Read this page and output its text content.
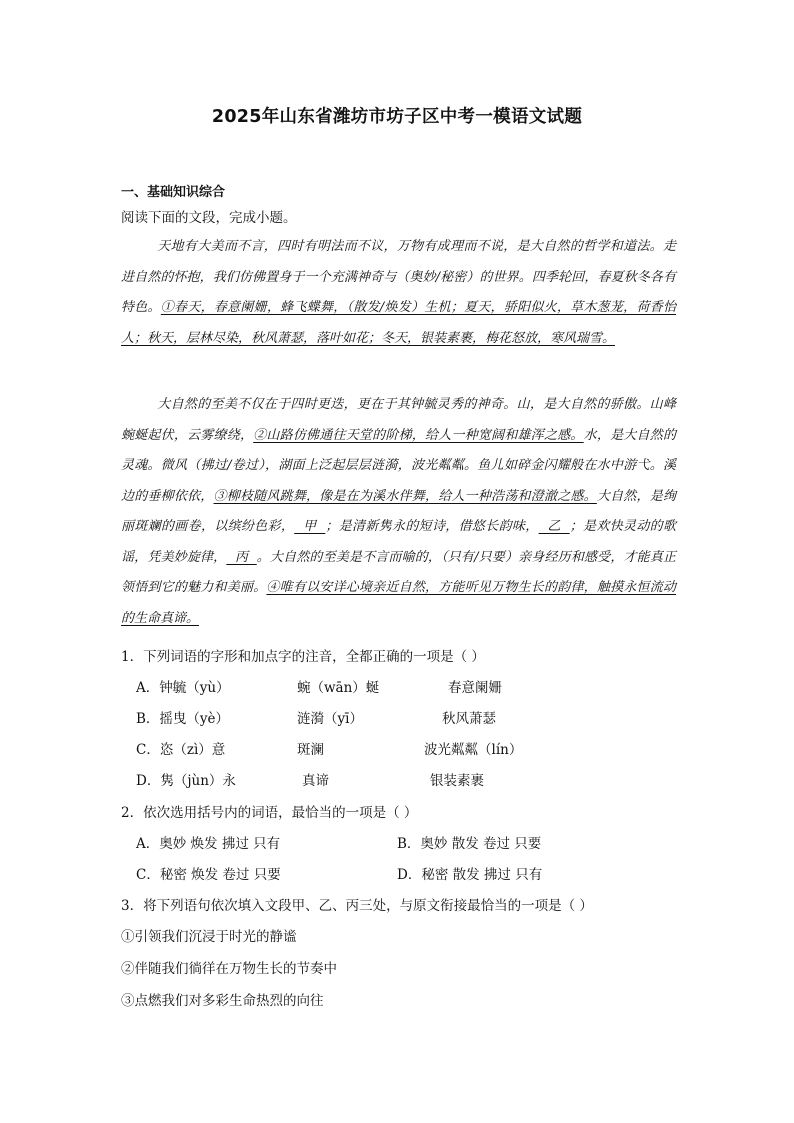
2025年山东省潍坊市坊子区中考一模语文试题
一、基础知识综合
阅读下面的文段，完成小题。
天地有大美而不言，四时有明法而不议，万物有成理而不说，是大自然的哲学和道法。走进自然的怀抱，我们仿佛置身于一个充满神奇与（奥妙/秘密）的世界。四季轮回，春夏秋冬各有特色。①春天，春意阑姗，蜂飞蝶舞，（散发/焕发）生机；夏天，骄阳似火，草木葱茏，荷香怡人；秋天，层林尽染，秋风萧瑟，落叶如花；冬天，银装素裹，梅花怒放，寒风瑞雪。
大自然的至美不仅在于四时更迭，更在于其钟毓灵秀的神奇。山，是大自然的骄傲。山峰蜿蜒起伏，云雾缭绕，②山路仿佛通往天堂的阶梯，给人一种宽阔和雄浑之感。水，是大自然的灵魂。微风（拂过/卷过），湖面上泛起层层涟漪，波光粼粼。鱼儿如碎金闪耀般在水中游弋。溪边的垂柳依依，③柳枝随风跳舞，像是在为溪水伴舞，给人一种浩荡和澄澈之感。大自然，是绚丽斑斓的画卷，以缤纷色彩，  甲  ；是清新隽永的短诗，借悠长韵味，  乙  ；是欢快灵动的歌谣，凭美妙旋律，  丙  。大自然的至美是不言而喻的，（只有/只要）亲身经历和感受，才能真正领悟到它的魅力和美丽。④唯有以安详心境亲近自然，方能听见万物生长的韵律，触摸永恒流动的生命真谛。
1．下列词语的字形和加点字的注音，全都正确的一项是（ ）
A．钟毓（yù）	蜿（wān）蜒	春意阑姗
B．摇曳（yè）	涟漪（yī）	秋风萧瑟
C．恣（zì）意	斑澜	波光粼粼（lín）
D．隽（jùn）永	真谛	银装素裹
2．依次选用括号内的词语，最恰当的一项是（ ）
A．奥妙 焕发 拂过 只有	B．奥妙 散发 卷过 只要
C．秘密 焕发 卷过 只要	D．秘密 散发 拂过 只有
3．将下列语句依次填入文段甲、乙、丙三处，与原文衔接最恰当的一项是（ ）
①引领我们沉浸于时光的静谧
②伴随我们徜徉在万物生长的节奏中
③点燃我们对多彩生命热烈的向往
